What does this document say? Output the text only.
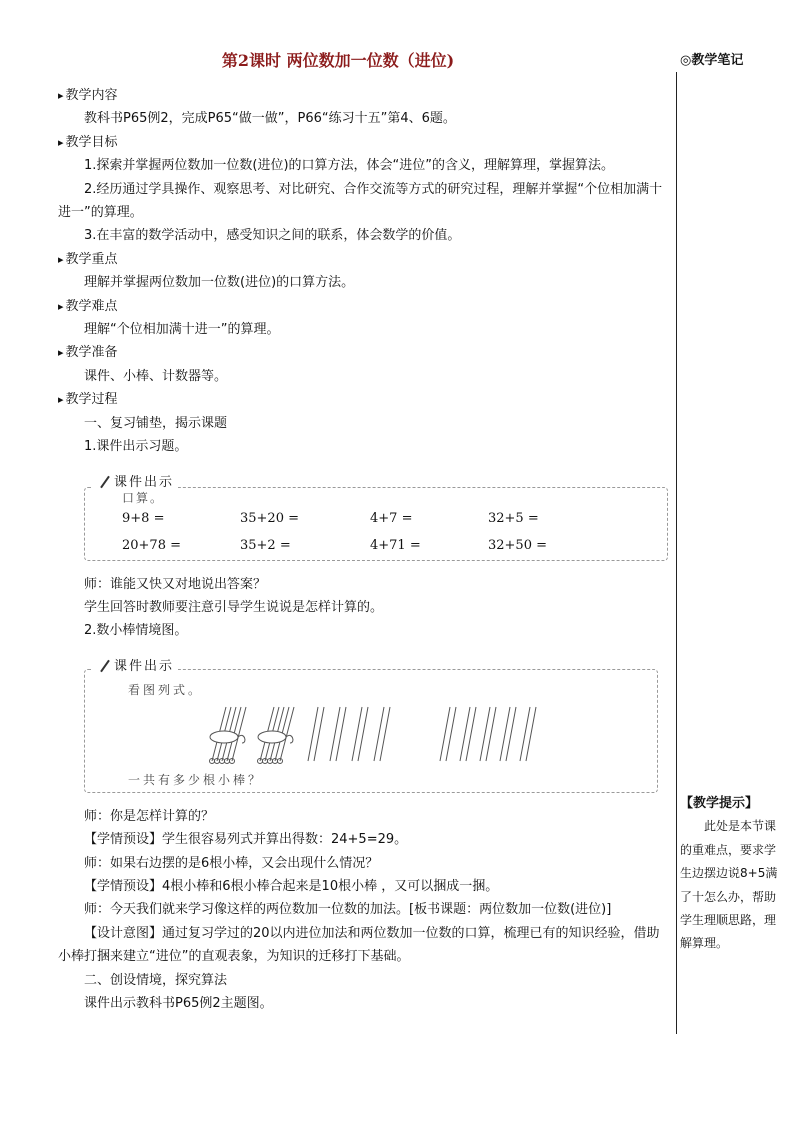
第2课时 两位数加一位数（进位)	◎教学笔记

▸ 教学内容

教科书P65例2，完成P65“做一做”，P66“练习十五”第4、6题。

▸ 教学目标

1.探索并掌握两位数加一位数(进位)的口算方法，体会“进位”的含义，理解算理，掌握算法。

2.经历通过学具操作、观察思考、对比研究、合作交流等方式的研究过程，理解并掌握“个位相加满十进一”的算理。

3.在丰富的数学活动中，感受知识之间的联系，体会数学的价值。

▸ 教学重点

理解并掌握两位数加一位数(进位)的口算方法。

▸ 教学难点

理解“个位相加满十进一”的算理。

▸ 教学准备

课件、小棒、计数器等。

▸ 教学过程

一、复习铺垫，揭示课题

1.课件出示习题。

课件出示
口算。
9+8 =	35+20 =	4+7 =	32+5 =
20+78 =	35+2 =	4+71 =	32+50 =

师：谁能又快又对地说出答案？

学生回答时教师要注意引导学生说说是怎样计算的。

2.数小棒情境图。

课件出示
看图列式。
一共有多少根小棒？

师：你是怎样计算的？

【学情预设】学生很容易列式并算出得数：24+5=29。

师：如果右边摆的是6根小棒，又会出现什么情况？

【学情预设】4根小棒和6根小棒合起来是10根小棒 ，又可以捆成一捆。

师：今天我们就来学习像这样的两位数加一位数的加法。[板书课题：两位数加一位数(进位)]

【设计意图】通过复习学过的20以内进位加法和两位数加一位数的口算，梳理已有的知识经验，借助小棒打捆来建立“进位”的直观表象，为知识的迁移打下基础。

二、创设情境，探究算法

课件出示教科书P65例2主题图。

【教学提示】

此处是本节课的重难点，要求学生边摆边说8+5满了十怎么办，帮助学生理顺思路，理解算理。
